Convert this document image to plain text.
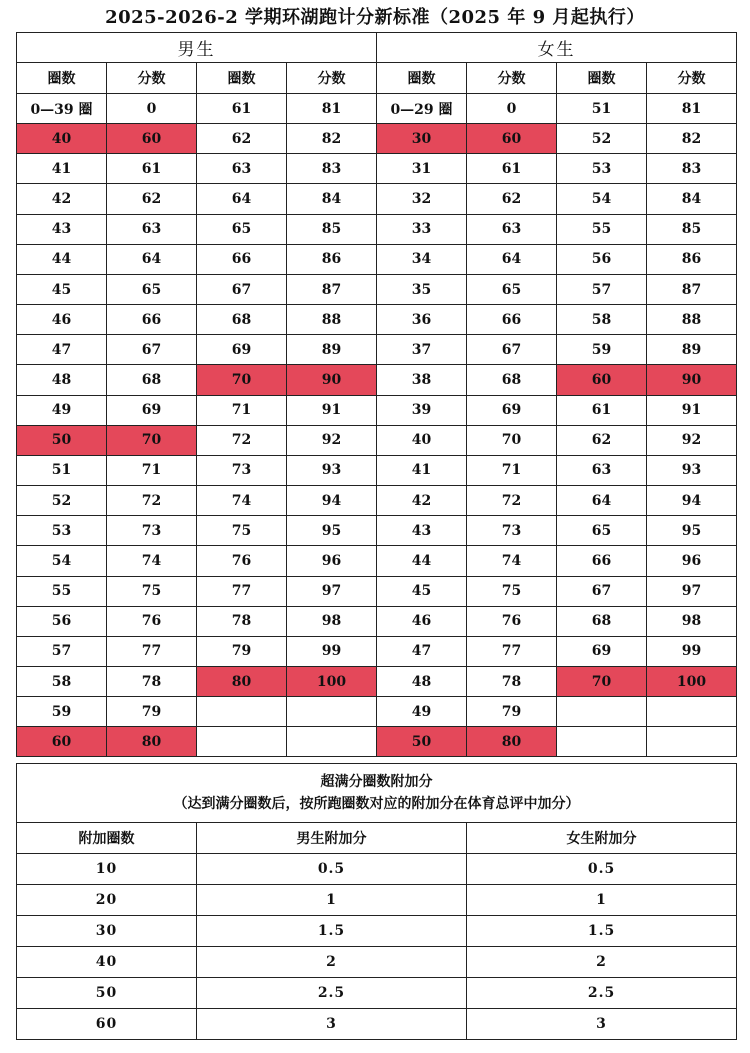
2025-2026-2 学期环湖跑计分新标准（2025 年 9 月起执行）
男生				女生			
圈数	分数	圈数	分数	圈数	分数	圈数	分数
0—39 圈	0	61	81	0—29 圈	0	51	81
40	60	62	82	30	60	52	82
41	61	63	83	31	61	53	83
42	62	64	84	32	62	54	84
43	63	65	85	33	63	55	85
44	64	66	86	34	64	56	86
45	65	67	87	35	65	57	87
46	66	68	88	36	66	58	88
47	67	69	89	37	67	59	89
48	68	70	90	38	68	60	90
49	69	71	91	39	69	61	91
50	70	72	92	40	70	62	92
51	71	73	93	41	71	63	93
52	72	74	94	42	72	64	94
53	73	75	95	43	73	65	95
54	74	76	96	44	74	66	96
55	75	77	97	45	75	67	97
56	76	78	98	46	76	68	98
57	77	79	99	47	77	69	99
58	78	80	100	48	78	70	100
59	79			49	79		
60	80			50	80		
超满分圈数附加分
（达到满分圈数后，按所跑圈数对应的附加分在体育总评中加分）		

附加圈数	男生附加分	女生附加分
10	0.5	0.5
20	1	1
30	1.5	1.5
40	2	2
50	2.5	2.5
60	3	3
